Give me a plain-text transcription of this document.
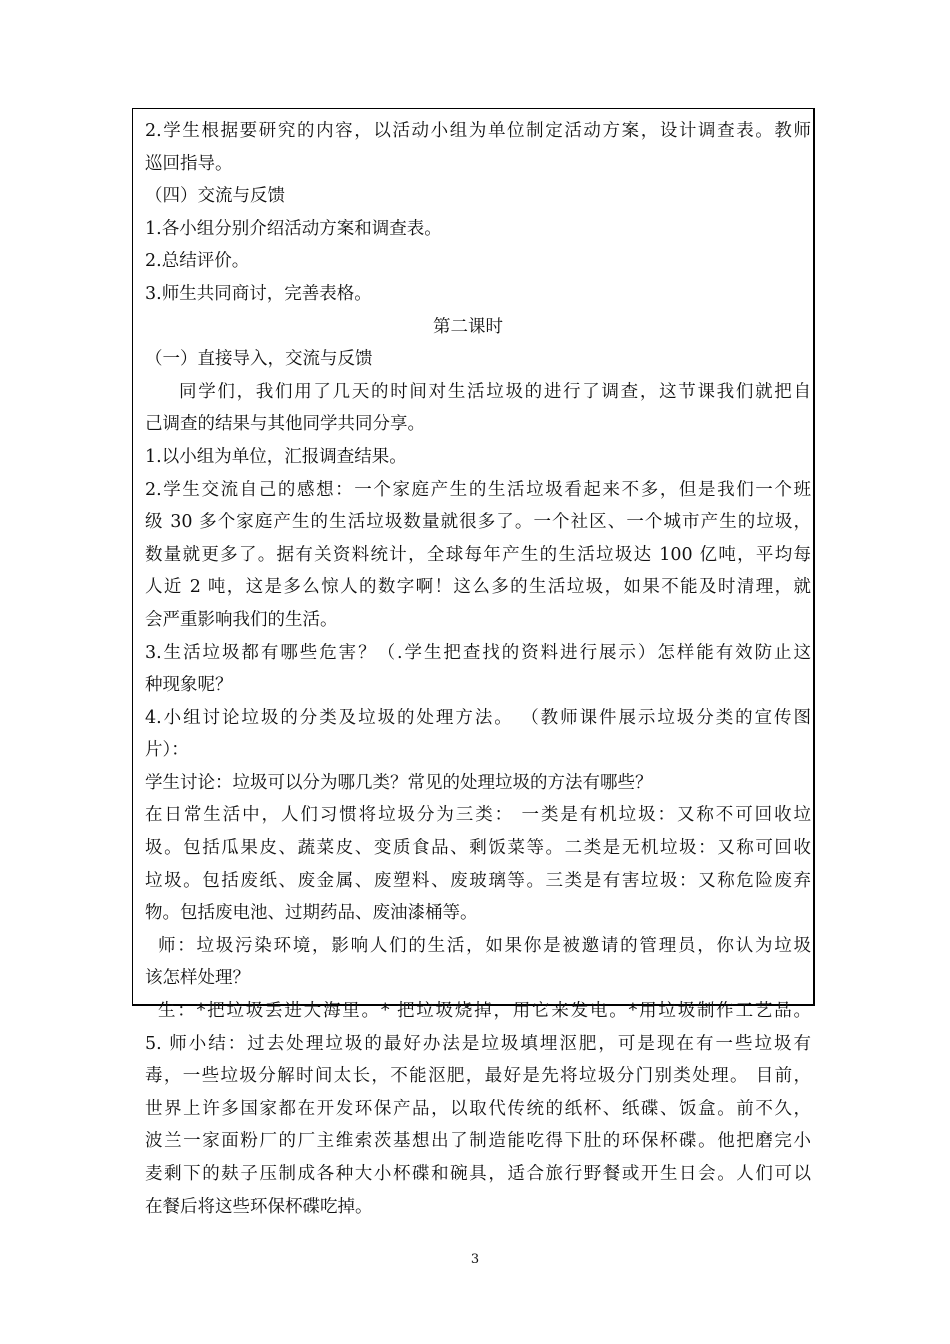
2.学生根据要研究的内容，以活动小组为单位制定活动方案，设计调查表。教师
巡回指导。
（四）交流与反馈
1.各小组分别介绍活动方案和调查表。
2.总结评价。
3.师生共同商讨，完善表格。
第二课时
（一）直接导入，交流与反馈
同学们，我们用了几天的时间对生活垃圾的进行了调查，这节课我们就把自
己调查的结果与其他同学共同分享。
1.以小组为单位，汇报调查结果。
2.学生交流自己的感想：一个家庭产生的生活垃圾看起来不多，但是我们一个班
级 30 多个家庭产生的生活垃圾数量就很多了。一个社区、一个城市产生的垃圾，
数量就更多了。据有关资料统计，全球每年产生的生活垃圾达 100 亿吨，平均每
人近 2 吨，这是多么惊人的数字啊！这么多的生活垃圾，如果不能及时清理，就
会严重影响我们的生活。
3.生活垃圾都有哪些危害？（.学生把查找的资料进行展示）怎样能有效防止这
种现象呢？
4.小组讨论垃圾的分类及垃圾的处理方法。 （教师课件展示垃圾分类的宣传图
片）：
学生讨论：垃圾可以分为哪几类？常见的处理垃圾的方法有哪些？
在日常生活中，人们习惯将垃圾分为三类： 一类是有机垃圾：又称不可回收垃
圾。包括瓜果皮、蔬菜皮、变质食品、剩饭菜等。二类是无机垃圾：又称可回收
垃圾。包括废纸、废金属、废塑料、废玻璃等。三类是有害垃圾：又称危险废弃
物。包括废电池、过期药品、废油漆桶等。
师：垃圾污染环境，影响人们的生活，如果你是被邀请的管理员，你认为垃圾
该怎样处理？
生：*把垃圾丢进大海里。* 把垃圾烧掉，用它来发电。*用垃圾制作工艺品。
5. 师小结：过去处理垃圾的最好办法是垃圾填埋沤肥，可是现在有一些垃圾有
毒，一些垃圾分解时间太长，不能沤肥，最好是先将垃圾分门别类处理。 目前，
世界上许多国家都在开发环保产品，以取代传统的纸杯、纸碟、饭盒。前不久，
波兰一家面粉厂的厂主维索茨基想出了制造能吃得下肚的环保杯碟。他把磨完小
麦剩下的麸子压制成各种大小杯碟和碗具，适合旅行野餐或开生日会。人们可以
在餐后将这些环保杯碟吃掉。
3
